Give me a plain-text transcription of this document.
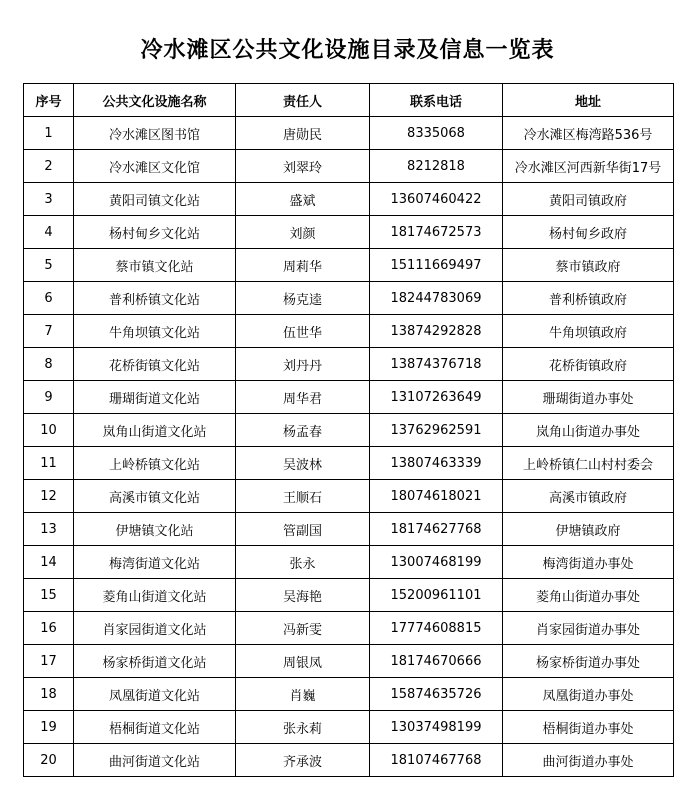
冷水滩区公共文化设施目录及信息一览表
序号	公共文化设施名称	责任人	联系电话	地址
1	冷水滩区图书馆	唐勋民	8335068	冷水滩区梅湾路536号
2	冷水滩区文化馆	刘翠玲	8212818	冷水滩区河西新华街17号
3	黄阳司镇文化站	盛斌	13607460422	黄阳司镇政府
4	杨村甸乡文化站	刘颜	18174672573	杨村甸乡政府
5	蔡市镇文化站	周莉华	15111669497	蔡市镇政府
6	普利桥镇文化站	杨克逵	18244783069	普利桥镇政府
7	牛角坝镇文化站	伍世华	13874292828	牛角坝镇政府
8	花桥街镇文化站	刘丹丹	13874376718	花桥街镇政府
9	珊瑚街道文化站	周华君	13107263649	珊瑚街道办事处
10	岚角山街道文化站	杨孟春	13762962591	岚角山街道办事处
11	上岭桥镇文化站	吴波林	13807463339	上岭桥镇仁山村村委会
12	高溪市镇文化站	王顺石	18074618021	高溪市镇政府
13	伊塘镇文化站	管副国	18174627768	伊塘镇政府
14	梅湾街道文化站	张永	13007468199	梅湾街道办事处
15	菱角山街道文化站	吴海艳	15200961101	菱角山街道办事处
16	肖家园街道文化站	冯新雯	17774608815	肖家园街道办事处
17	杨家桥街道文化站	周银凤	18174670666	杨家桥街道办事处
18	凤凰街道文化站	肖巍	15874635726	凤凰街道办事处
19	梧桐街道文化站	张永莉	13037498199	梧桐街道办事处
20	曲河街道文化站	齐承波	18107467768	曲河街道办事处
